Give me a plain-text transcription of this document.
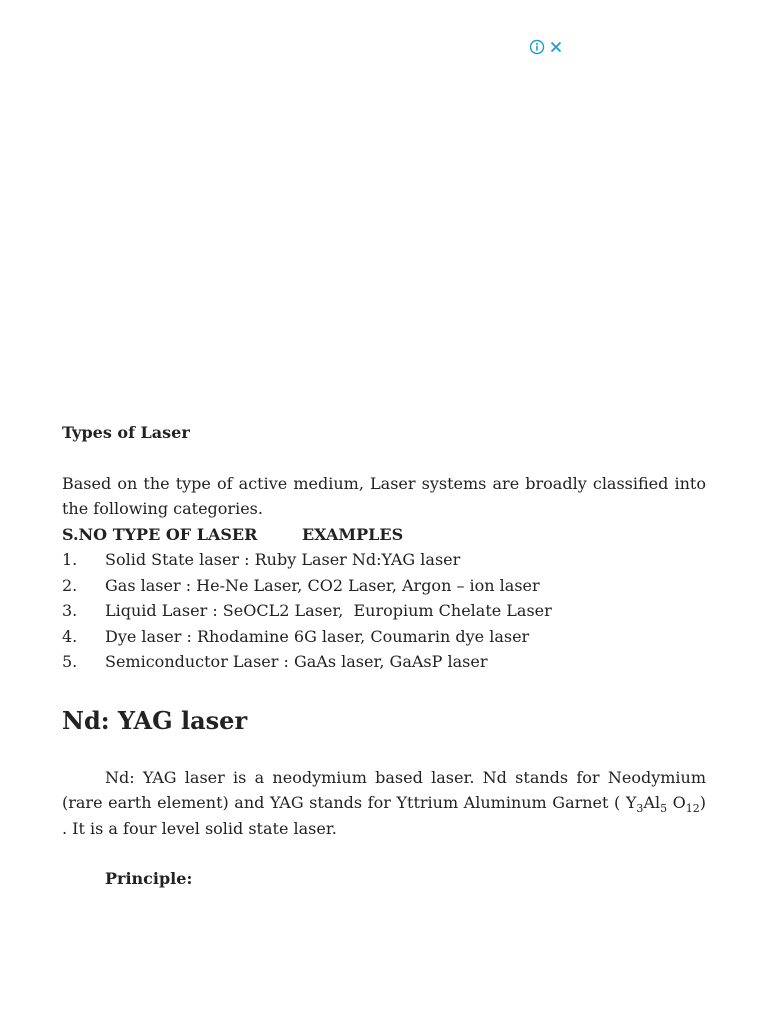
Types of Laser

Based on the type of active medium, Laser systems are broadly classified into the following categories.

S.NO TYPE OF LASER	EXAMPLES

1.	Solid State laser : Ruby Laser Nd:YAG laser
2.	Gas laser : He-Ne Laser, CO2 Laser, Argon – ion laser
3.	Liquid Laser : SeOCL2 Laser,  Europium Chelate Laser
4.	Dye laser : Rhodamine 6G laser, Coumarin dye laser
5.	Semiconductor Laser : GaAs laser, GaAsP laser
Nd: YAG laser

Nd: YAG laser is a neodymium based laser. Nd stands for Neodymium (rare earth element) and YAG stands for Yttrium Aluminum Garnet ( $Y_3Al_5$ $O_{12}$) . It is a four level solid state laser.

Principle:
